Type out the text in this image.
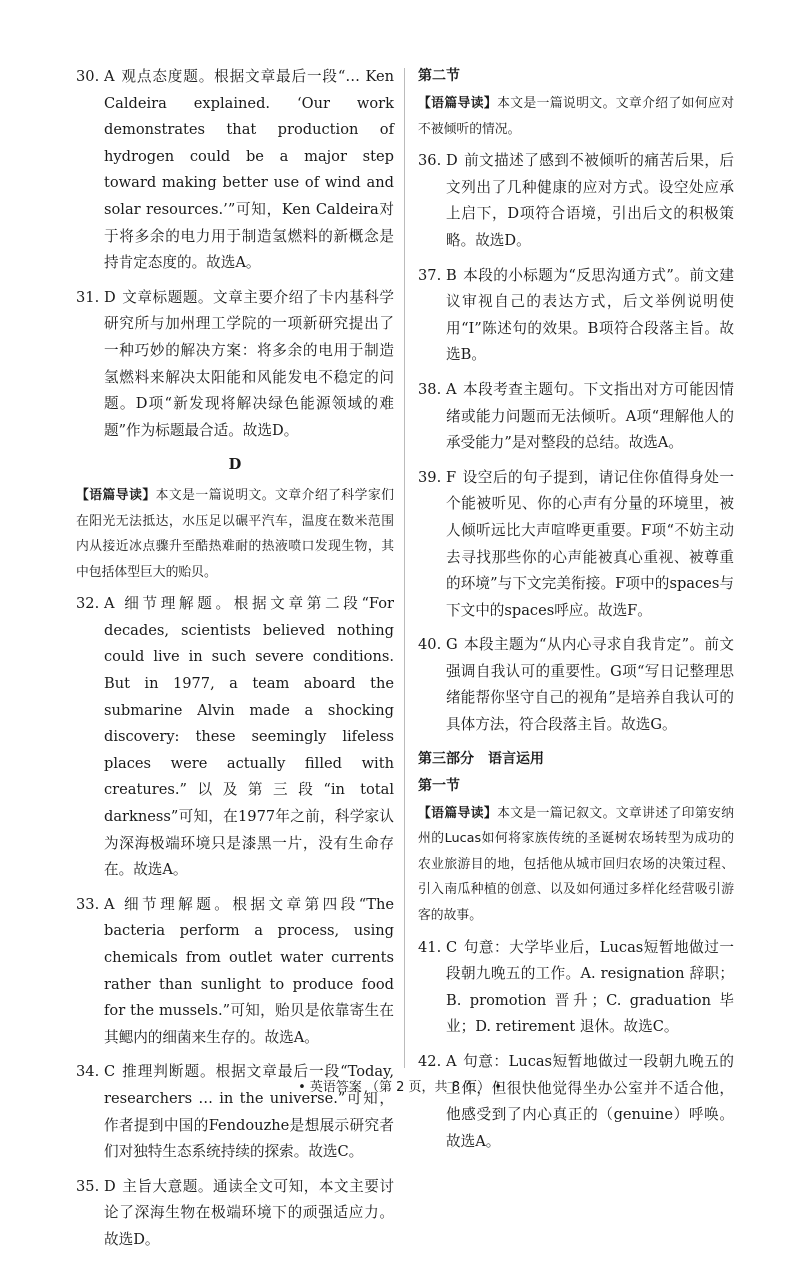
30. A 观点态度题。根据文章最后一段“… Ken Caldeira explained. ‘Our work demonstrates that production of hydrogen could be a major step toward making better use of wind and solar resources.’”可知，Ken Caldeira对于将多余的电力用于制造氢燃料的新概念是持肯定态度的。故选A。

31. D 文章标题题。文章主要介绍了卡内基科学研究所与加州理工学院的一项新研究提出了一种巧妙的解决方案：将多余的电用于制造氢燃料来解决太阳能和风能发电不稳定的问题。D项“新发现将解决绿色能源领域的难题”作为标题最合适。故选D。

D

【语篇导读】本文是一篇说明文。文章介绍了科学家们在阳光无法抵达，水压足以碾平汽车，温度在数米范围内从接近冰点骤升至酷热难耐的热液喷口发现生物，其中包括体型巨大的贻贝。

32. A 细节理解题。根据文章第二段“For decades, scientists believed nothing could live in such severe conditions. But in 1977, a team aboard the submarine Alvin made a shocking discovery: these seemingly lifeless places were actually filled with creatures.”以及第三段“in total darkness”可知，在1977年之前，科学家认为深海极端环境只是漆黑一片，没有生命存在。故选A。

33. A 细节理解题。根据文章第四段“The bacteria perform a process, using chemicals from outlet water currents rather than sunlight to produce food for the mussels.”可知，贻贝是依靠寄生在其鳃内的细菌来生存的。故选A。

34. C 推理判断题。根据文章最后一段“Today, researchers … in the universe.”可知，作者提到中国的Fendouzhe是想展示研究者们对独特生态系统持续的探索。故选C。

35. D 主旨大意题。通读全文可知，本文主要讨论了深海生物在极端环境下的顽强适应力。故选D。

第二节

【语篇导读】本文是一篇说明文。文章介绍了如何应对不被倾听的情况。

36. D 前文描述了感到不被倾听的痛苦后果，后文列出了几种健康的应对方式。设空处应承上启下，D项符合语境，引出后文的积极策略。故选D。

37. B 本段的小标题为“反思沟通方式”。前文建议审视自己的表达方式，后文举例说明使用“I”陈述句的效果。B项符合段落主旨。故选B。

38. A 本段考查主题句。下文指出对方可能因情绪或能力问题而无法倾听。A项“理解他人的承受能力”是对整段的总结。故选A。

39. F 设空后的句子提到，请记住你值得身处一个能被听见、你的心声有分量的环境里，被人倾听远比大声喧哗更重要。F项“不妨主动去寻找那些你的心声能被真心重视、被尊重的环境”与下文完美衔接。F项中的spaces与下文中的spaces呼应。故选F。

40. G 本段主题为“从内心寻求自我肯定”。前文强调自我认可的重要性。G项“写日记整理思绪能帮你坚守自己的视角”是培养自我认可的具体方法，符合段落主旨。故选G。

第三部分 语言运用
第一节

【语篇导读】本文是一篇记叙文。文章讲述了印第安纳州的Lucas如何将家族传统的圣诞树农场转型为成功的农业旅游目的地，包括他从城市回归农场的决策过程、引入南瓜种植的创意、以及如何通过多样化经营吸引游客的故事。

41. C 句意：大学毕业后，Lucas短暂地做过一段朝九晚五的工作。A. resignation 辞职；B. promotion 晋升；C. graduation 毕业；D. retirement 退休。故选C。

42. A 句意：Lucas短暂地做过一段朝九晚五的工作，但很快他觉得坐办公室并不适合他，他感受到了内心真正的（genuine）呼唤。故选A。

• 英语答案 （第 2 页，共 8 页） •
